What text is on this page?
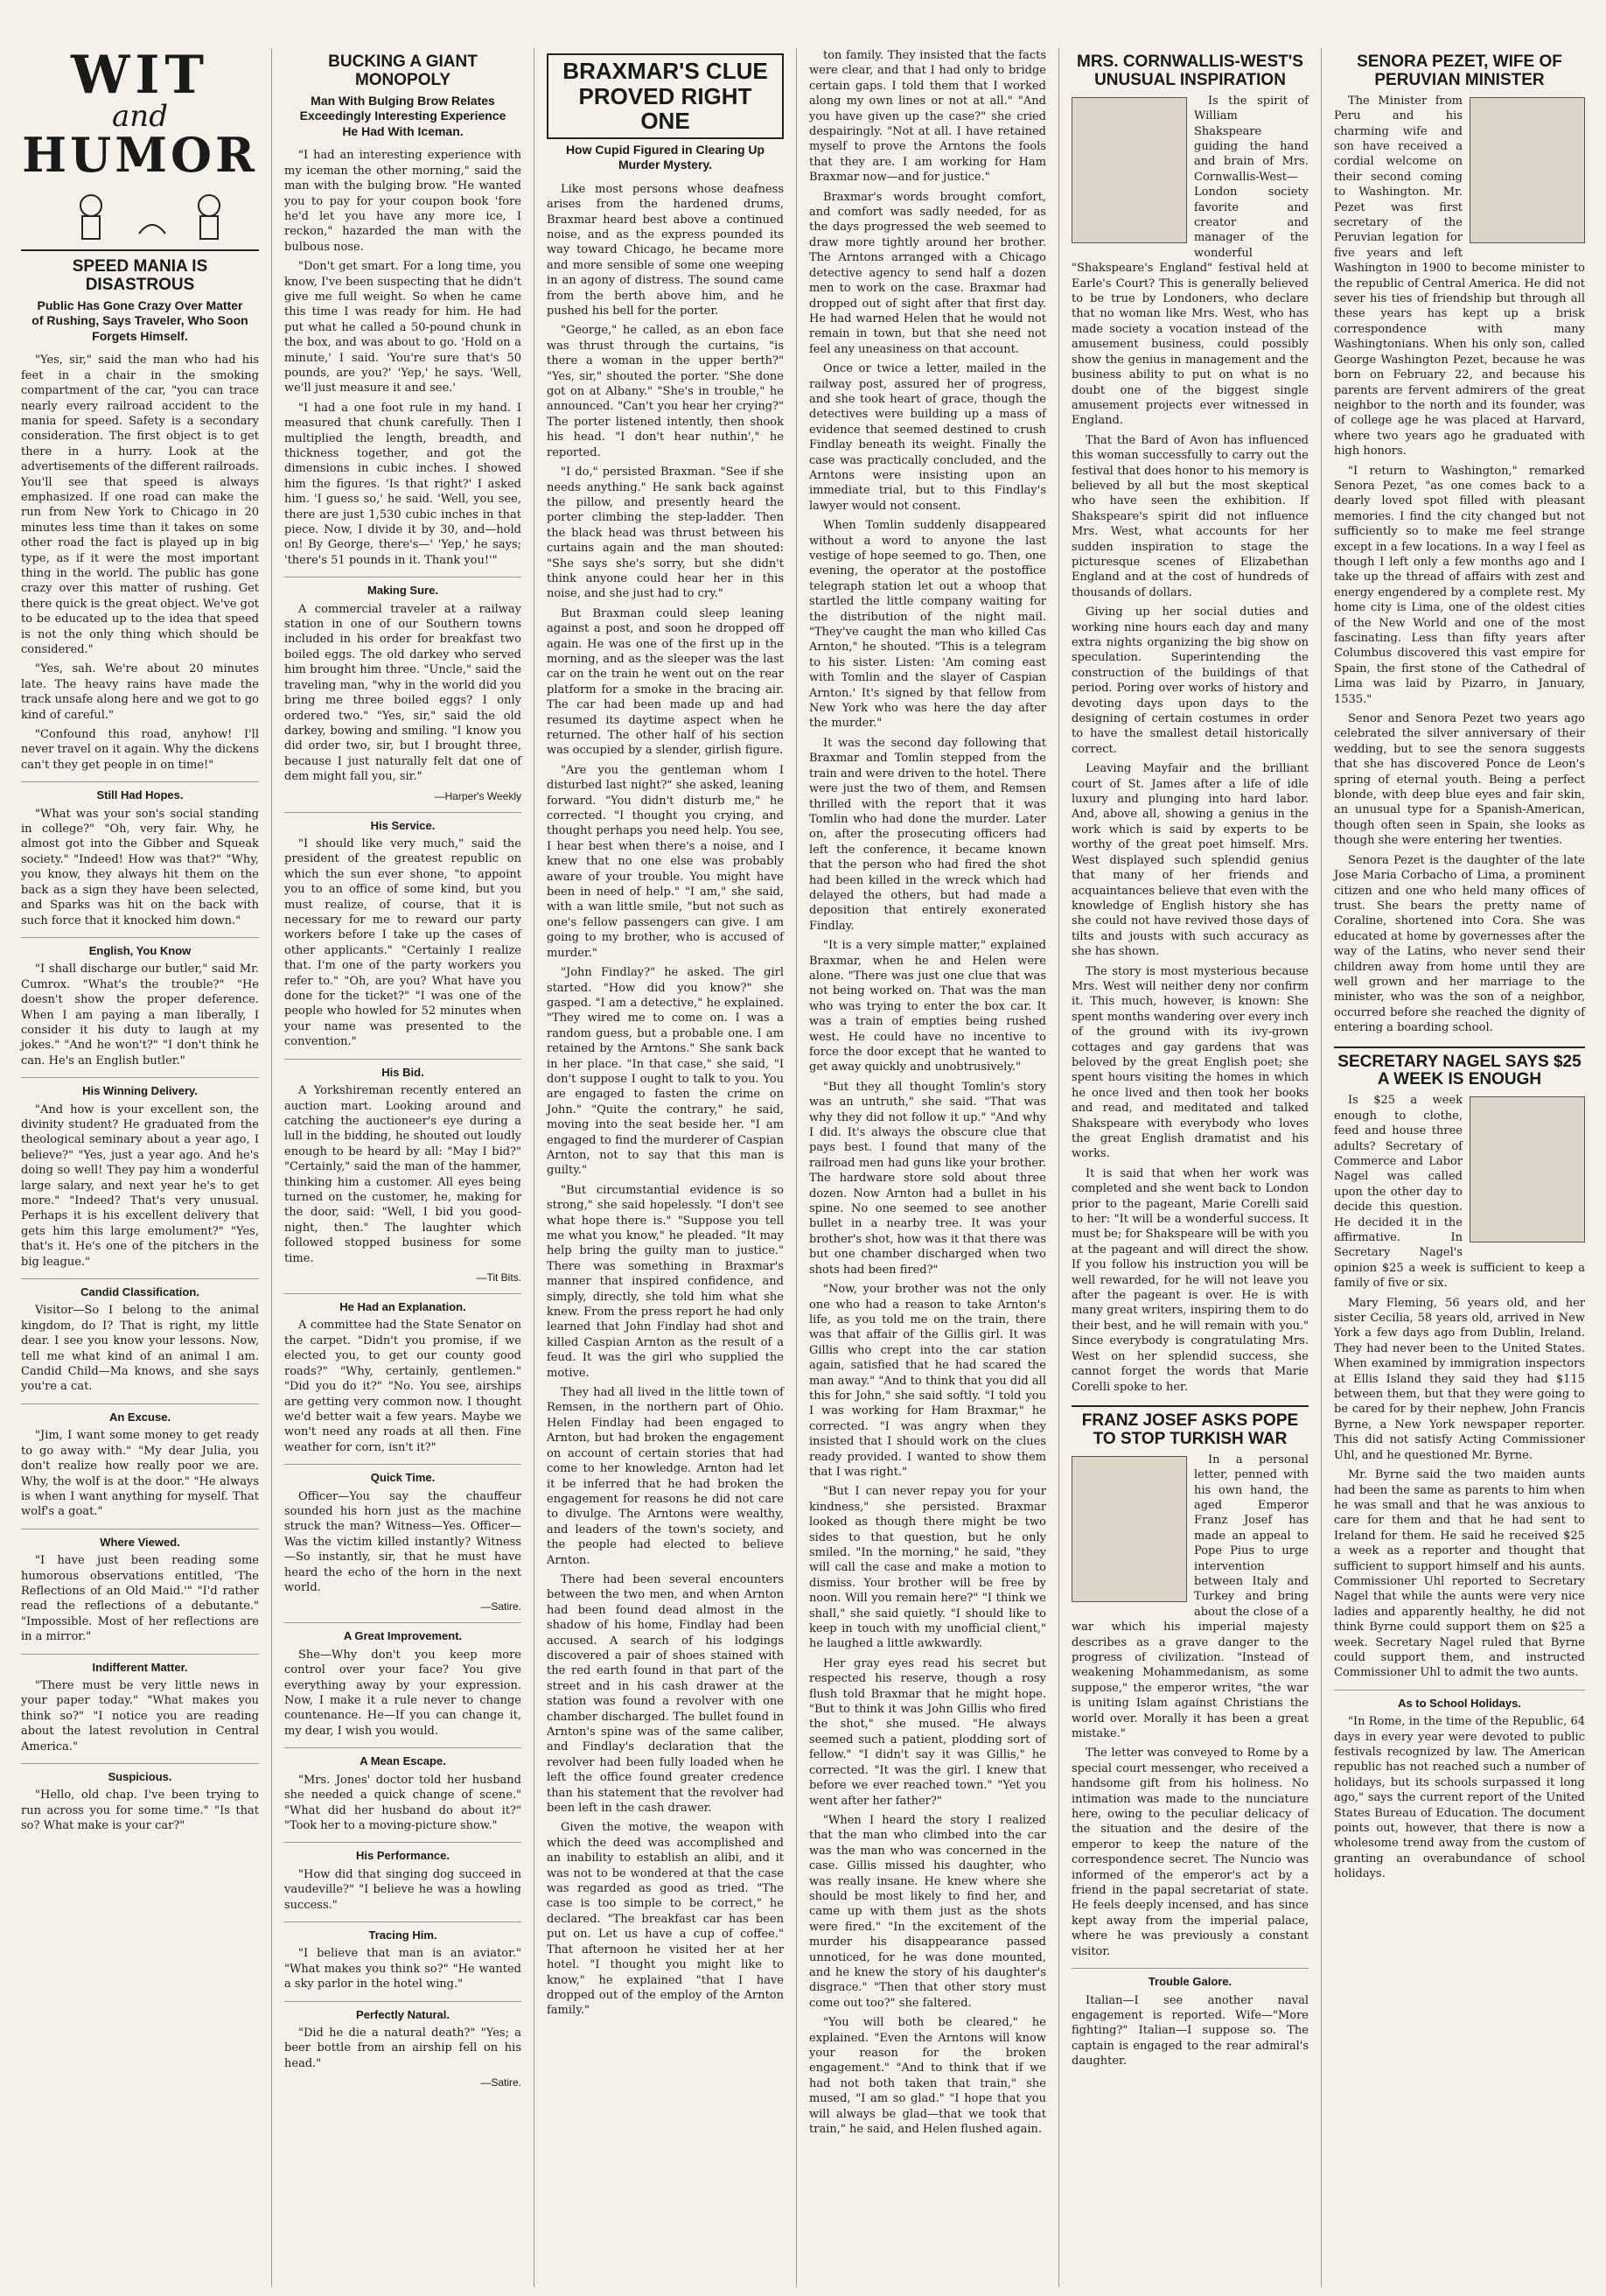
WIT
and
HUMOR
SPEED MANIA IS DISASTROUS
Public Has Gone Crazy Over Matter of Rushing, Says Traveler, Who Soon Forgets Himself.

"Yes, sir," said the man who had his feet in a chair in the smoking compartment of the car, "you can trace nearly every railroad accident to the mania for speed. Safety is a secondary consideration. The first object is to get there in a hurry. Look at the advertisements of the different railroads. You'll see that speed is always emphasized. If one road can make the run from New York to Chicago in 20 minutes less time than it takes on some other road the fact is played up in big type, as if it were the most important thing in the world. The public has gone crazy over this matter of rushing. Get there quick is the great object. We've got to be educated up to the idea that speed is not the only thing which should be considered."

"Yes, sah. We're about 20 minutes late. The heavy rains have made the track unsafe along here and we got to go kind of careful."

"Confound this road, anyhow! I'll never travel on it again. Why the dickens can't they get people in on time!"

Still Had Hopes.

"What was your son's social standing in college?" "Oh, very fair. Why, he almost got into the Gibber and Squeak society." "Indeed! How was that?" "Why, you know, they always hit them on the back as a sign they have been selected, and Sparks was hit on the back with such force that it knocked him down."

English, You Know

"I shall discharge our butler," said Mr. Cumrox. "What's the trouble?" "He doesn't show the proper deference. When I am paying a man liberally, I consider it his duty to laugh at my jokes." "And he won't?" "I don't think he can. He's an English butler."

His Winning Delivery.

"And how is your excellent son, the divinity student? He graduated from the theological seminary about a year ago, I believe?" "Yes, just a year ago. And he's doing so well! They pay him a wonderful large salary, and next year he's to get more." "Indeed? That's very unusual. Perhaps it is his excellent delivery that gets him this large emolument?" "Yes, that's it. He's one of the pitchers in the big league."

Candid Classification.

Visitor—So I belong to the animal kingdom, do I? That is right, my little dear. I see you know your lessons. Now, tell me what kind of an animal I am. Candid Child—Ma knows, and she says you're a cat.

An Excuse.

"Jim, I want some money to get ready to go away with." "My dear Julia, you don't realize how really poor we are. Why, the wolf is at the door." "He always is when I want anything for myself. That wolf's a goat."

Where Viewed.

"I have just been reading some humorous observations entitled, 'The Reflections of an Old Maid.'" "I'd rather read the reflections of a debutante." "Impossible. Most of her reflections are in a mirror."

Indifferent Matter.

"There must be very little news in your paper today." "What makes you think so?" "I notice you are reading about the latest revolution in Central America."

Suspicious.

"Hello, old chap. I've been trying to run across you for some time." "Is that so? What make is your car?"

BUCKING A GIANT MONOPOLY
Man With Bulging Brow Relates Exceedingly Interesting Experience He Had With Iceman.

"I had an interesting experience with my iceman the other morning," said the man with the bulging brow. "He wanted you to pay for your coupon book 'fore he'd let you have any more ice, I reckon," hazarded the man with the bulbous nose.

"Don't get smart. For a long time, you know, I've been suspecting that he didn't give me full weight. So when he came this time I was ready for him. He had put what he called a 50-pound chunk in the box, and was about to go. 'Hold on a minute,' I said. 'You're sure that's 50 pounds, are you?' 'Yep,' he says. 'Well, we'll just measure it and see.'

"I had a one foot rule in my hand. I measured that chunk carefully. Then I multiplied the length, breadth, and thickness together, and got the dimensions in cubic inches. I showed him the figures. 'Is that right?' I asked him. 'I guess so,' he said. 'Well, you see, there are just 1,530 cubic inches in that piece. Now, I divide it by 30, and—hold on! By George, there's—' 'Yep,' he says; 'there's 51 pounds in it. Thank you!'"

Making Sure.

A commercial traveler at a railway station in one of our Southern towns included in his order for breakfast two boiled eggs. The old darkey who served him brought him three. "Uncle," said the traveling man, "why in the world did you bring me three boiled eggs? I only ordered two." "Yes, sir," said the old darkey, bowing and smiling. "I know you did order two, sir, but I brought three, because I just naturally felt dat one of dem might fall you, sir."

—Harper's Weekly
His Service.

"I should like very much," said the president of the greatest republic on which the sun ever shone, "to appoint you to an office of some kind, but you must realize, of course, that it is necessary for me to reward our party workers before I take up the cases of other applicants." "Certainly I realize that. I'm one of the party workers you refer to." "Oh, are you? What have you done for the ticket?" "I was one of the people who howled for 52 minutes when your name was presented to the convention."

His Bid.

A Yorkshireman recently entered an auction mart. Looking around and catching the auctioneer's eye during a lull in the bidding, he shouted out loudly enough to be heard by all: "May I bid?" "Certainly," said the man of the hammer, thinking him a customer. All eyes being turned on the customer, he, making for the door, said: "Well, I bid you good-night, then." The laughter which followed stopped business for some time.

—Tit Bits.
He Had an Explanation.

A committee had the State Senator on the carpet. "Didn't you promise, if we elected you, to get our county good roads?" "Why, certainly, gentlemen." "Did you do it?" "No. You see, airships are getting very common now. I thought we'd better wait a few years. Maybe we won't need any roads at all then. Fine weather for corn, isn't it?"

Quick Time.

Officer—You say the chauffeur sounded his horn just as the machine struck the man? Witness—Yes. Officer—Was the victim killed instantly? Witness—So instantly, sir, that he must have heard the echo of the horn in the next world.

—Satire.
A Great Improvement.

She—Why don't you keep more control over your face? You give everything away by your expression. Now, I make it a rule never to change countenance. He—If you can change it, my dear, I wish you would.

A Mean Escape.

"Mrs. Jones' doctor told her husband she needed a quick change of scene." "What did her husband do about it?" "Took her to a moving-picture show."

His Performance.

"How did that singing dog succeed in vaudeville?" "I believe he was a howling success."

Tracing Him.

"I believe that man is an aviator." "What makes you think so?" "He wanted a sky parlor in the hotel wing."

Perfectly Natural.

"Did he die a natural death?" "Yes; a beer bottle from an airship fell on his head."

—Satire.
BRAXMAR'S CLUE PROVED RIGHT ONE
How Cupid Figured in Clearing Up Murder Mystery.

Like most persons whose deafness arises from the hardened drums, Braxmar heard best above a continued noise, and as the express pounded its way toward Chicago, he became more and more sensible of some one weeping in an agony of distress. The sound came from the berth above him, and he pushed his bell for the porter.

"George," he called, as an ebon face was thrust through the curtains, "is there a woman in the upper berth?" "Yes, sir," shouted the porter. "She done got on at Albany." "She's in trouble," he announced. "Can't you hear her crying?" The porter listened intently, then shook his head. "I don't hear nuthin'," he reported.

"I do," persisted Braxman. "See if she needs anything." He sank back against the pillow, and presently heard the porter climbing the step-ladder. Then the black head was thrust between his curtains again and the man shouted: "She says she's sorry, but she didn't think anyone could hear her in this noise, and she just had to cry."

But Braxman could sleep leaning against a post, and soon he dropped off again. He was one of the first up in the morning, and as the sleeper was the last car on the train he went out on the rear platform for a smoke in the bracing air. The car had been made up and had resumed its daytime aspect when he returned. The other half of his section was occupied by a slender, girlish figure.

"Are you the gentleman whom I disturbed last night?" she asked, leaning forward. "You didn't disturb me," he corrected. "I thought you crying, and thought perhaps you need help. You see, I hear best when there's a noise, and I knew that no one else was probably aware of your trouble. You might have been in need of help." "I am," she said, with a wan little smile, "but not such as one's fellow passengers can give. I am going to my brother, who is accused of murder."

"John Findlay?" he asked. The girl started. "How did you know?" she gasped. "I am a detective," he explained. "They wired me to come on. I was a random guess, but a probable one. I am retained by the Arntons." She sank back in her place. "In that case," she said, "I don't suppose I ought to talk to you. You are engaged to fasten the crime on John." "Quite the contrary," he said, moving into the seat beside her. "I am engaged to find the murderer of Caspian Arnton, not to say that this man is guilty."

"But circumstantial evidence is so strong," she said hopelessly. "I don't see what hope there is." "Suppose you tell me what you know," he pleaded. "It may help bring the guilty man to justice." There was something in Braxmar's manner that inspired confidence, and simply, directly, she told him what she knew. From the press report he had only learned that John Findlay had shot and killed Caspian Arnton as the result of a feud. It was the girl who supplied the motive.

They had all lived in the little town of Remsen, in the northern part of Ohio. Helen Findlay had been engaged to Arnton, but had broken the engagement on account of certain stories that had come to her knowledge. Arnton had let it be inferred that he had broken the engagement for reasons he did not care to divulge. The Arntons were wealthy, and leaders of the town's society, and the people had elected to believe Arnton.

There had been several encounters between the two men, and when Arnton had been found dead almost in the shadow of his home, Findlay had been accused. A search of his lodgings discovered a pair of shoes stained with the red earth found in that part of the street and in his cash drawer at the station was found a revolver with one chamber discharged. The bullet found in Arnton's spine was of the same caliber, and Findlay's declaration that the revolver had been fully loaded when he left the office found greater credence than his statement that the revolver had been left in the cash drawer.

Given the motive, the weapon with which the deed was accomplished and an inability to establish an alibi, and it was not to be wondered at that the case was regarded as good as tried. "The case is too simple to be correct," he declared. "The breakfast car has been put on. Let us have a cup of coffee." That afternoon he visited her at her hotel. "I thought you might like to know," he explained "that I have dropped out of the employ of the Arnton family."

ton family. They insisted that the facts were clear, and that I had only to bridge certain gaps. I told them that I worked along my own lines or not at all." "And you have given up the case?" she cried despairingly. "Not at all. I have retained myself to prove the Arntons the fools that they are. I am working for Ham Braxmar now—and for justice."

Braxmar's words brought comfort, and comfort was sadly needed, for as the days progressed the web seemed to draw more tightly around her brother. The Arntons arranged with a Chicago detective agency to send half a dozen men to work on the case. Braxmar had dropped out of sight after that first day. He had warned Helen that he would not remain in town, but that she need not feel any uneasiness on that account.

Once or twice a letter, mailed in the railway post, assured her of progress, and she took heart of grace, though the detectives were building up a mass of evidence that seemed destined to crush Findlay beneath its weight. Finally the case was practically concluded, and the Arntons were insisting upon an immediate trial, but to this Findlay's lawyer would not consent.

When Tomlin suddenly disappeared without a word to anyone the last vestige of hope seemed to go. Then, one evening, the operator at the postoffice telegraph station let out a whoop that startled the little company waiting for the distribution of the night mail. "They've caught the man who killed Cas Arnton," he shouted. "This is a telegram to his sister. Listen: 'Am coming east with Tomlin and the slayer of Caspian Arnton.' It's signed by that fellow from New York who was here the day after the murder."

It was the second day following that Braxmar and Tomlin stepped from the train and were driven to the hotel. There were just the two of them, and Remsen thrilled with the report that it was Tomlin who had done the murder. Later on, after the prosecuting officers had left the conference, it became known that the person who had fired the shot had been killed in the wreck which had delayed the others, but had made a deposition that entirely exonerated Findlay.

"It is a very simple matter," explained Braxmar, when he and Helen were alone. "There was just one clue that was not being worked on. That was the man who was trying to enter the box car. It was a train of empties being rushed west. He could have no incentive to force the door except that he wanted to get away quickly and unobtrusively."

"But they all thought Tomlin's story was an untruth," she said. "That was why they did not follow it up." "And why I did. It's always the obscure clue that pays best. I found that many of the railroad men had guns like your brother. The hardware store sold about three dozen. Now Arnton had a bullet in his spine. No one seemed to see another bullet in a nearby tree. It was your brother's shot, how was it that there was but one chamber discharged when two shots had been fired?"

"Now, your brother was not the only one who had a reason to take Arnton's life, as you told me on the train, there was that affair of the Gillis girl. It was Gillis who crept into the car station again, satisfied that he had scared the man away." "And to think that you did all this for John," she said softly. "I told you I was working for Ham Braxmar," he corrected. "I was angry when they insisted that I should work on the clues ready provided. I wanted to show them that I was right."

"But I can never repay you for your kindness," she persisted. Braxmar looked as though there might be two sides to that question, but he only smiled. "In the morning," he said, "they will call the case and make a motion to dismiss. Your brother will be free by noon. Will you remain here?" "I think we shall," she said quietly. "I should like to keep in touch with my unofficial client," he laughed a little awkwardly.

Her gray eyes read his secret but respected his reserve, though a rosy flush told Braxmar that he might hope. "But to think it was John Gillis who fired the shot," she mused. "He always seemed such a patient, plodding sort of fellow." "I didn't say it was Gillis," he corrected. "It was the girl. I knew that before we ever reached town." "Yet you went after her father?"

"When I heard the story I realized that the man who climbed into the car was the man who was concerned in the case. Gillis missed his daughter, who was really insane. He knew where she should be most likely to find her, and came up with them just as the shots were fired." "In the excitement of the murder his disappearance passed unnoticed, for he was done mounted, and he knew the story of his daughter's disgrace." "Then that other story must come out too?" she faltered.

"You will both be cleared," he explained. "Even the Arntons will know your reason for the broken engagement." "And to think that if we had not both taken that train," she mused, "I am so glad." "I hope that you will always be glad—that we took that train," he said, and Helen flushed again.

MRS. CORNWALLIS-WEST'S UNUSUAL INSPIRATION

Is the spirit of William Shakspeare guiding the hand and brain of Mrs. Cornwallis-West—London society favorite and creator and manager of the wonderful "Shakspeare's England" festival held at Earle's Court? This is generally believed to be true by Londoners, who declare that no woman like Mrs. West, who has made society a vocation instead of the amusement business, could possibly show the genius in management and the business ability to put on what is no doubt one of the biggest single amusement projects ever witnessed in England.

That the Bard of Avon has influenced this woman successfully to carry out the festival that does honor to his memory is believed by all but the most skeptical who have seen the exhibition. If Shakspeare's spirit did not influence Mrs. West, what accounts for her sudden inspiration to stage the picturesque scenes of Elizabethan England and at the cost of hundreds of thousands of dollars.

Giving up her social duties and working nine hours each day and many extra nights organizing the big show on speculation. Superintending the construction of the buildings of that period. Poring over works of history and devoting days upon days to the designing of certain costumes in order to have the smallest detail historically correct.

Leaving Mayfair and the brilliant court of St. James after a life of idle luxury and plunging into hard labor. And, above all, showing a genius in the work which is said by experts to be worthy of the great poet himself. Mrs. West displayed such splendid genius that many of her friends and acquaintances believe that even with the knowledge of English history she has she could not have revived those days of tilts and jousts with such accuracy as she has shown.

The story is most mysterious because Mrs. West will neither deny nor confirm it. This much, however, is known: She spent months wandering over every inch of the ground with its ivy-grown cottages and gay gardens that was beloved by the great English poet; she spent hours visiting the homes in which he once lived and then took her books and read, and meditated and talked Shakspeare with everybody who loves the great English dramatist and his works.

It is said that when her work was completed and she went back to London prior to the pageant, Marie Corelli said to her: "It will be a wonderful success. It must be; for Shakspeare will be with you at the pageant and will direct the show. If you follow his instruction you will be well rewarded, for he will not leave you after the pageant is over. He is with many great writers, inspiring them to do their best, and he will remain with you." Since everybody is congratulating Mrs. West on her splendid success, she cannot forget the words that Marie Corelli spoke to her.

FRANZ JOSEF ASKS POPE TO STOP TURKISH WAR

In a personal letter, penned with his own hand, the aged Emperor Franz Josef has made an appeal to Pope Pius to urge intervention between Italy and Turkey and bring about the close of a war which his imperial majesty describes as a grave danger to the progress of civilization. "Instead of weakening Mohammedanism, as some suppose," the emperor writes, "the war is uniting Islam against Christians the world over. Morally it has been a great mistake."

The letter was conveyed to Rome by a special court messenger, who received a handsome gift from his holiness. No intimation was made to the nunciature here, owing to the peculiar delicacy of the situation and the desire of the emperor to keep the nature of the correspondence secret. The Nuncio was informed of the emperor's act by a friend in the papal secretariat of state. He feels deeply incensed, and has since kept away from the imperial palace, where he was previously a constant visitor.

Trouble Galore.

Italian—I see another naval engagement is reported. Wife—"More fighting?" Italian—I suppose so. The captain is engaged to the rear admiral's daughter.

SENORA PEZET, WIFE OF PERUVIAN MINISTER

The Minister from Peru and his charming wife and son have received a cordial welcome on their second coming to Washington. Mr. Pezet was first secretary of the Peruvian legation for five years and left Washington in 1900 to become minister to the republic of Central America. He did not sever his ties of friendship but through all these years has kept up a brisk correspondence with many Washingtonians. When his only son, called George Washington Pezet, because he was born on February 22, and because his parents are fervent admirers of the great neighbor to the north and its founder, was of college age he was placed at Harvard, where two years ago he graduated with high honors.

"I return to Washington," remarked Senora Pezet, "as one comes back to a dearly loved spot filled with pleasant memories. I find the city changed but not sufficiently so to make me feel strange except in a few locations. In a way I feel as though I left only a few months ago and I take up the thread of affairs with zest and energy engendered by a complete rest. My home city is Lima, one of the oldest cities of the New World and one of the most fascinating. Less than fifty years after Columbus discovered this vast empire for Spain, the first stone of the Cathedral of Lima was laid by Pizarro, in January, 1535."

Senor and Senora Pezet two years ago celebrated the silver anniversary of their wedding, but to see the senora suggests that she has discovered Ponce de Leon's spring of eternal youth. Being a perfect blonde, with deep blue eyes and fair skin, an unusual type for a Spanish-American, though often seen in Spain, she looks as though she were entering her twenties.

Senora Pezet is the daughter of the late Jose Maria Corbacho of Lima, a prominent citizen and one who held many offices of trust. She bears the pretty name of Coraline, shortened into Cora. She was educated at home by governesses after the way of the Latins, who never send their children away from home until they are well grown and her marriage to the minister, who was the son of a neighbor, occurred before she reached the dignity of entering a boarding school.

SECRETARY NAGEL SAYS $25 A WEEK IS ENOUGH

Is $25 a week enough to clothe, feed and house three adults? Secretary of Commerce and Labor Nagel was called upon the other day to decide this question. He decided it in the affirmative. In Secretary Nagel's opinion $25 a week is sufficient to keep a family of five or six.

Mary Fleming, 56 years old, and her sister Cecilia, 58 years old, arrived in New York a few days ago from Dublin, Ireland. They had never been to the United States. When examined by immigration inspectors at Ellis Island they said they had $115 between them, but that they were going to be cared for by their nephew, John Francis Byrne, a New York newspaper reporter. This did not satisfy Acting Commissioner Uhl, and he questioned Mr. Byrne.

Mr. Byrne said the two maiden aunts had been the same as parents to him when he was small and that he was anxious to care for them and that he had sent to Ireland for them. He said he received $25 a week as a reporter and thought that sufficient to support himself and his aunts. Commissioner Uhl reported to Secretary Nagel that while the aunts were very nice ladies and apparently healthy, he did not think Byrne could support them on $25 a week. Secretary Nagel ruled that Byrne could support them, and instructed Commissioner Uhl to admit the two aunts.

As to School Holidays.

"In Rome, in the time of the Republic, 64 days in every year were devoted to public festivals recognized by law. The American republic has not reached such a number of holidays, but its schools surpassed it long ago," says the current report of the United States Bureau of Education. The document points out, however, that there is now a wholesome trend away from the custom of granting an overabundance of school holidays.
